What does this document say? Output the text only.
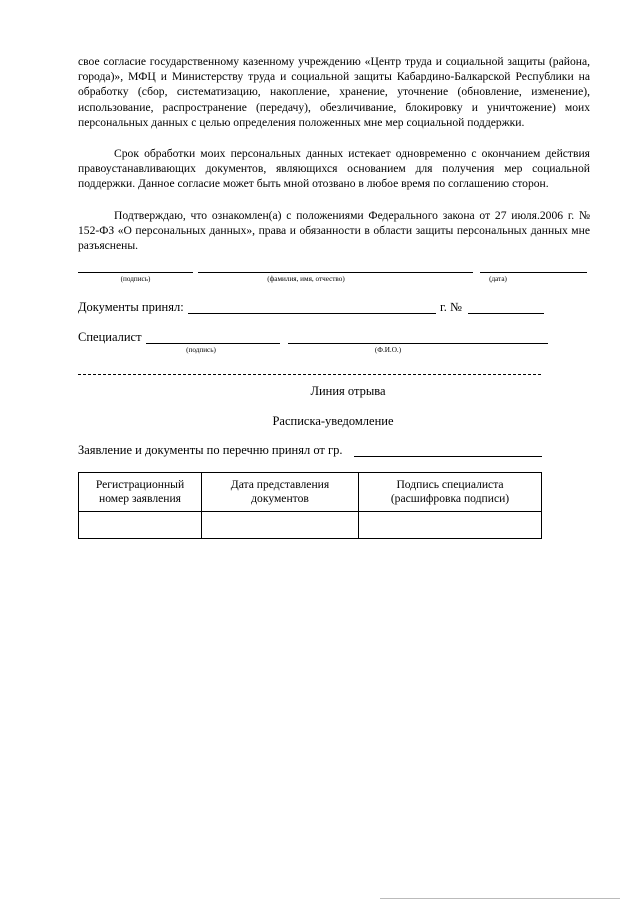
свое согласие государственному казенному учреждению «Центр труда и социальной защиты (района, города)», МФЦ и Министерству труда и социальной защиты Кабардино-Балкарской Республики на обработку (сбор, систематизацию, накопление, хранение, уточнение (обновление, изменение), использование, распространение (передачу), обезличивание, блокировку и уничтожение) моих персональных данных с целью определения положенных мне мер социальной поддержки.
Срок обработки моих персональных данных истекает одновременно с окончанием действия правоустанавливающих документов, являющихся основанием для получения мер социальной поддержки. Данное согласие может быть мной отозвано в любое время по соглашению сторон.
Подтверждаю, что ознакомлен(а) с положениями Федерального закона от 27 июля.2006 г. № 152-ФЗ «О персональных данных», права и обязанности в области защиты персональных данных мне разъяснены.
(подпись)	(фамилия, имя, отчество)	(дата)
Документы принял:	г. №
Специалист
(подпись)	(Ф.И.О.)
Линия отрыва
Расписка-уведомление
Заявление и документы по перечню принял от гр.
Регистрационный номер заявления	Дата представления документов	Подпись специалиста (расшифровка подписи)
